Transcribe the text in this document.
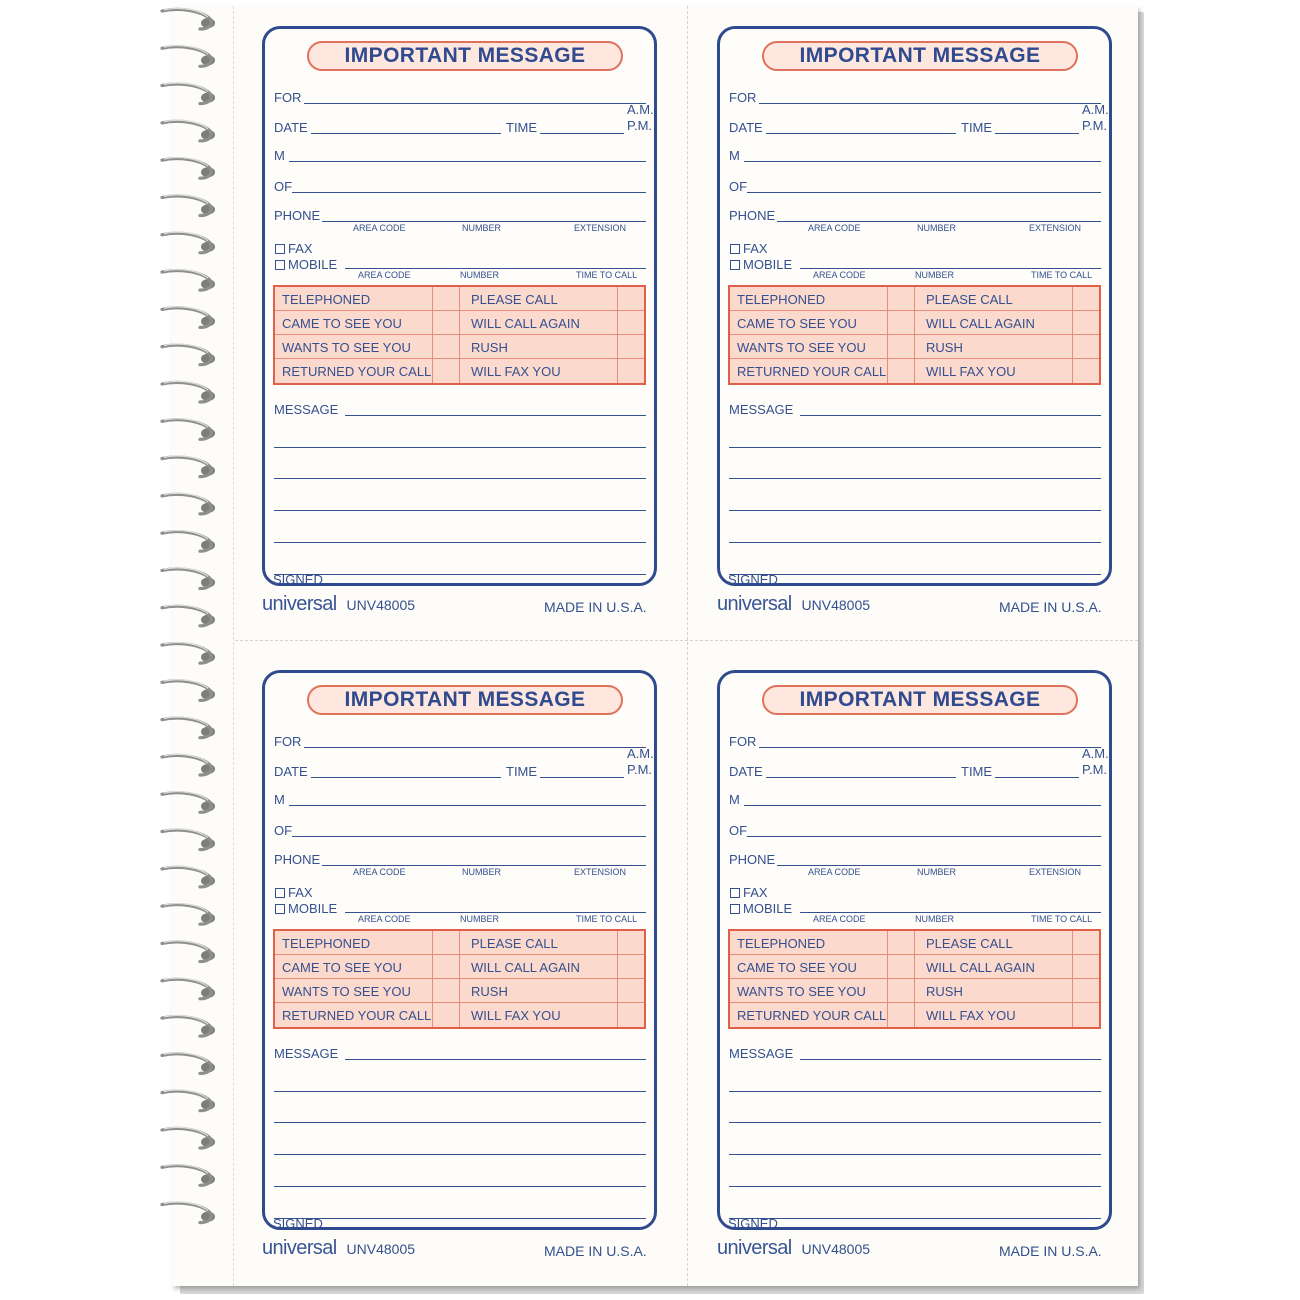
IMPORTANT MESSAGE
FOR
A.M.
P.M.
DATE	TIME
M
OF
PHONE
AREA CODE	NUMBER	EXTENSION
FAX
MOBILE
AREA CODE	NUMBER	TIME TO CALL
TELEPHONED	PLEASE CALL
CAME TO SEE YOU	WILL CALL AGAIN
WANTS TO SEE YOU	RUSH
RETURNED YOUR CALL	WILL FAX YOU
MESSAGE
SIGNED
universal UNV48005	MADE IN U.S.A.
IMPORTANT MESSAGE
FOR
A.M.
P.M.
DATE	TIME
M
OF
PHONE
AREA CODE	NUMBER	EXTENSION
FAX
MOBILE
AREA CODE	NUMBER	TIME TO CALL
TELEPHONED	PLEASE CALL
CAME TO SEE YOU	WILL CALL AGAIN
WANTS TO SEE YOU	RUSH
RETURNED YOUR CALL	WILL FAX YOU
MESSAGE
SIGNED
universal UNV48005	MADE IN U.S.A.
IMPORTANT MESSAGE
FOR
A.M.
P.M.
DATE	TIME
M
OF
PHONE
AREA CODE	NUMBER	EXTENSION
FAX
MOBILE
AREA CODE	NUMBER	TIME TO CALL
TELEPHONED	PLEASE CALL
CAME TO SEE YOU	WILL CALL AGAIN
WANTS TO SEE YOU	RUSH
RETURNED YOUR CALL	WILL FAX YOU
MESSAGE
SIGNED
universal UNV48005	MADE IN U.S.A.
IMPORTANT MESSAGE
FOR
A.M.
P.M.
DATE	TIME
M
OF
PHONE
AREA CODE	NUMBER	EXTENSION
FAX
MOBILE
AREA CODE	NUMBER	TIME TO CALL
TELEPHONED	PLEASE CALL
CAME TO SEE YOU	WILL CALL AGAIN
WANTS TO SEE YOU	RUSH
RETURNED YOUR CALL	WILL FAX YOU
MESSAGE
SIGNED
universal UNV48005	MADE IN U.S.A.
